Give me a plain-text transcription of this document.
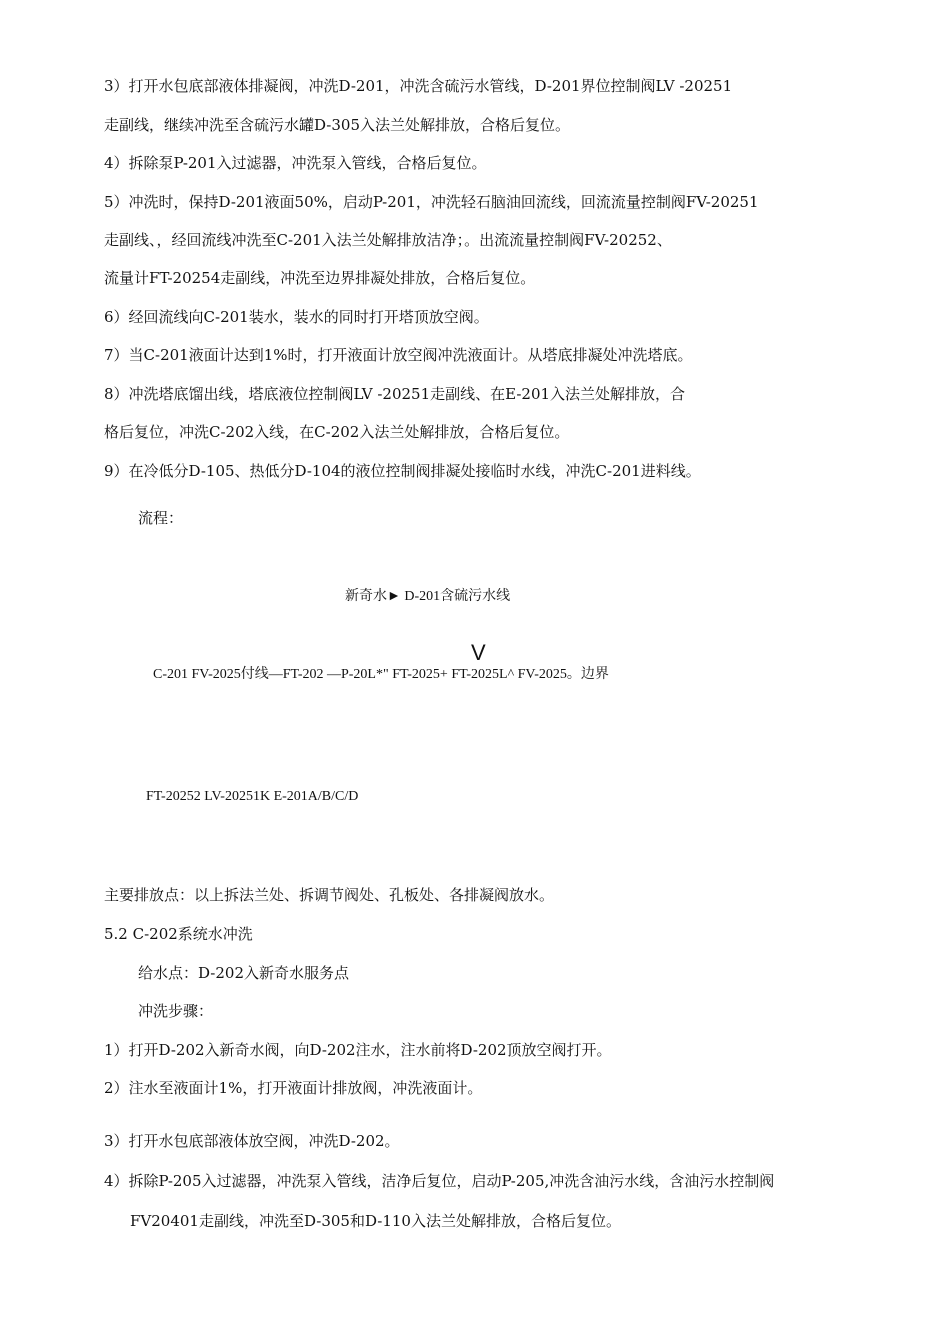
3）打开水包底部液体排凝阀，冲洗D-201，冲洗含硫污水管线，D-201界位控制阀LV -20251
走副线，继续冲洗至含硫污水罐D-305入法兰处解排放，合格后复位。
4）拆除泵P-201入过滤器，冲洗泵入管线，合格后复位。
5）冲洗时，保持D-201液面50%，启动P-201，冲洗轻石脑油回流线，回流流量控制阀FV-20251
走副线、，经回流线冲洗至C-201入法兰处解排放洁净；。出流流量控制阀FV-20252、
流量计FT-20254走副线，冲洗至边界排凝处排放，合格后复位。
6）经回流线向C-201装水，装水的同时打开塔顶放空阀。
7）当C-201液面计达到1%时，打开液面计放空阀冲洗液面计。从塔底排凝处冲洗塔底。
8）冲洗塔底馏出线，塔底液位控制阀LV -20251走副线、在E-201入法兰处解排放，合
格后复位，冲洗C-202入线，在C-202入法兰处解排放，合格后复位。
9）在冷低分D-105、热低分D-104的液位控制阀排凝处接临时水线，冲洗C-201进料线。
流程：
新奇水► D-201含硫污水线
V
C-201 FV-2025付线—FT-202 —P-20L*" FT-2025+ FT-2025L^ FV-2025。边界
FT-20252 LV-20251K E-201A/B/C/D
主要排放点：以上拆法兰处、拆调节阀处、孔板处、各排凝阀放水。
5.2 C-202系统水冲洗
给水点：D-202入新奇水服务点
冲洗步骤：
1）打开D-202入新奇水阀，向D-202注水，注水前将D-202顶放空阀打开。
2）注水至液面计1%，打开液面计排放阀，冲洗液面计。
3）打开水包底部液体放空阀，冲洗D-202。
4）拆除P-205入过滤器，冲洗泵入管线，洁净后复位，启动P-205,冲洗含油污水线，含油污水控制阀
FV20401走副线，冲洗至D-305和D-110入法兰处解排放，合格后复位。
